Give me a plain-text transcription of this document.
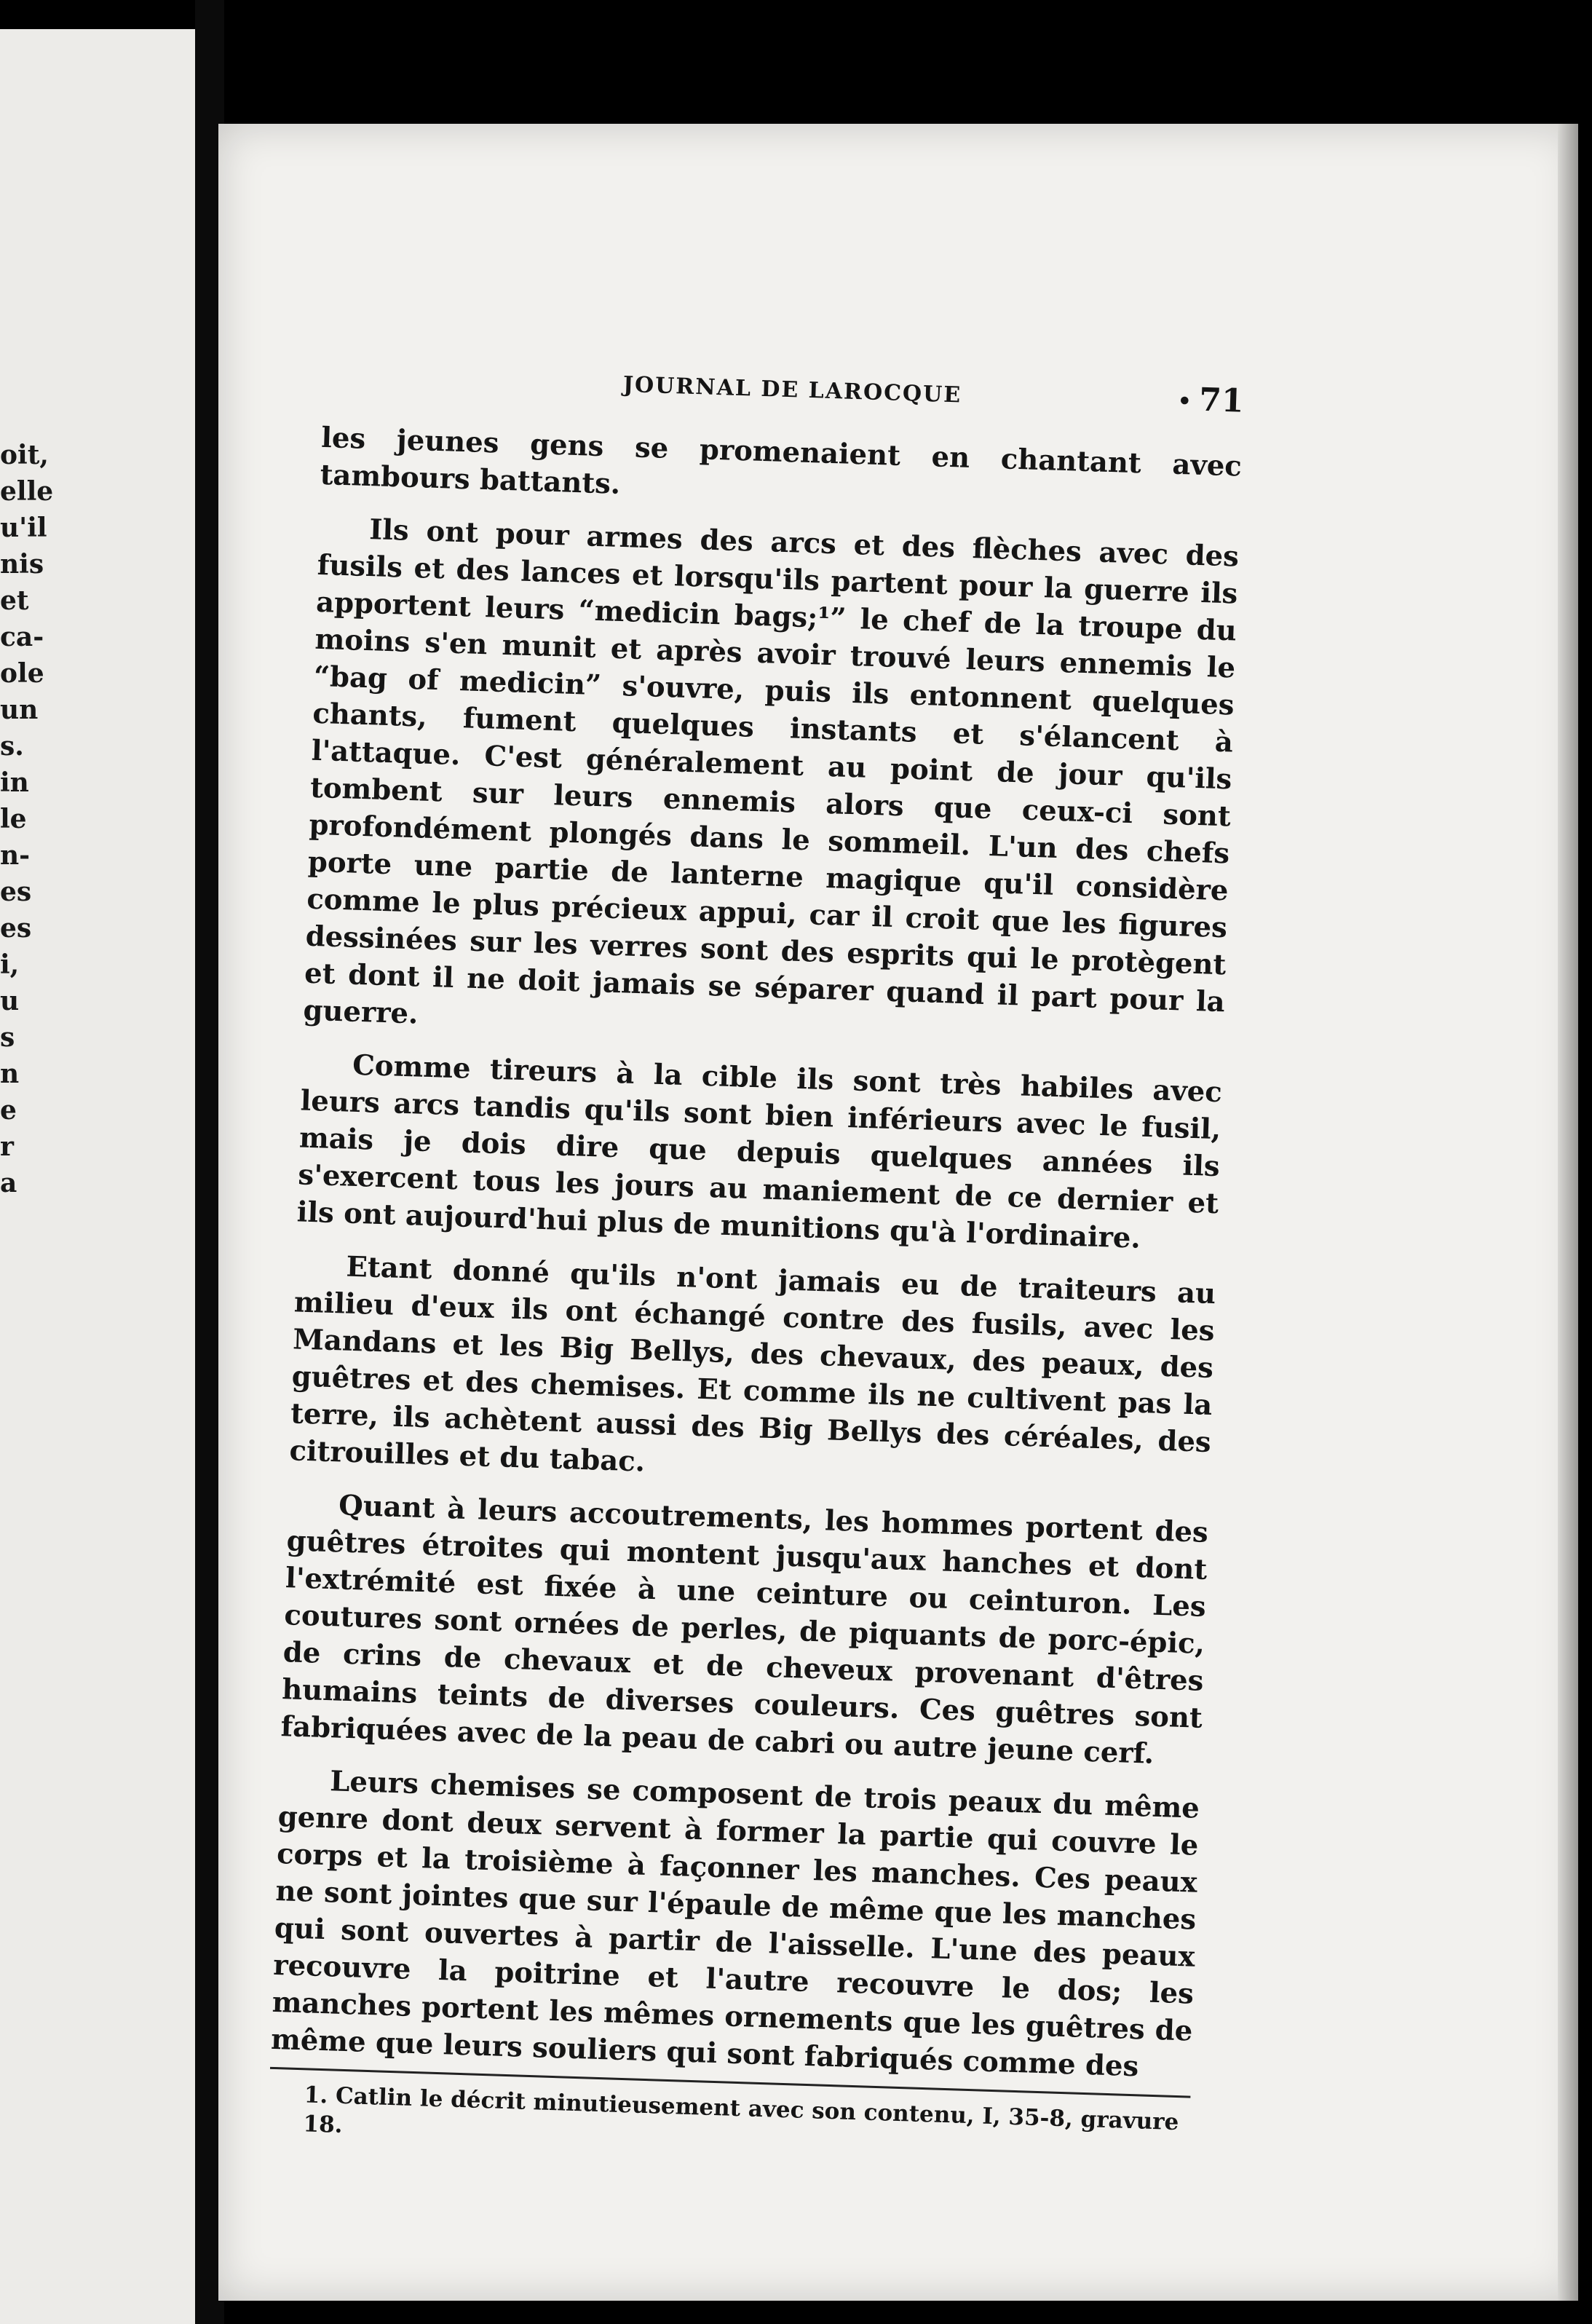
oit,
elle
u'il
nis
et
ca-
ole
un
s.
in
le
n-
es
es
i,
u
s
n
e
r
a
JOURNAL DE LAROCQUE
•	71

les jeunes gens se promenaient en chantant avec tambours battants.

Ils ont pour armes des arcs et des flèches avec des fusils et des lances et lorsqu'ils partent pour la guerre ils apportent leurs “medicin bags;¹” le chef de la troupe du moins s'en munit et après avoir trouvé leurs ennemis le “bag of medicin” s'ouvre, puis ils entonnent quelques chants, fument quelques instants et s'élancent à l'attaque. C'est généralement au point de jour qu'ils tombent sur leurs ennemis alors que ceux-ci sont profondément plongés dans le sommeil. L'un des chefs porte une partie de lanterne magique qu'il considère comme le plus précieux appui, car il croit que les figures dessinées sur les verres sont des esprits qui le protègent et dont il ne doit jamais se séparer quand il part pour la guerre.

Comme tireurs à la cible ils sont très habiles avec leurs arcs tandis qu'ils sont bien inférieurs avec le fusil, mais je dois dire que depuis quelques années ils s'exercent tous les jours au maniement de ce dernier et ils ont aujourd'hui plus de munitions qu'à l'ordinaire.

Etant donné qu'ils n'ont jamais eu de traiteurs au milieu d'eux ils ont échangé contre des fusils, avec les Mandans et les Big Bellys, des chevaux, des peaux, des guêtres et des chemises. Et comme ils ne cultivent pas la terre, ils achètent aussi des Big Bellys des céréales, des citrouilles et du tabac.

Quant à leurs accoutrements, les hommes portent des guêtres étroites qui montent jusqu'aux hanches et dont l'extrémité est fixée à une ceinture ou ceinturon. Les coutures sont ornées de perles, de piquants de porc-épic, de crins de chevaux et de cheveux provenant d'êtres humains teints de diverses couleurs. Ces guêtres sont fabriquées avec de la peau de cabri ou autre jeune cerf.

Leurs chemises se composent de trois peaux du même genre dont deux servent à former la partie qui couvre le corps et la troisième à façonner les manches. Ces peaux ne sont jointes que sur l'épaule de même que les manches qui sont ouvertes à partir de l'aisselle. L'une des peaux recouvre la poitrine et l'autre recouvre le dos; les manches portent les mêmes ornements que les guêtres de même que leurs souliers qui sont fabriqués comme des

1. Catlin le décrit minutieusement avec son contenu, I, 35-8, gravure 18.
